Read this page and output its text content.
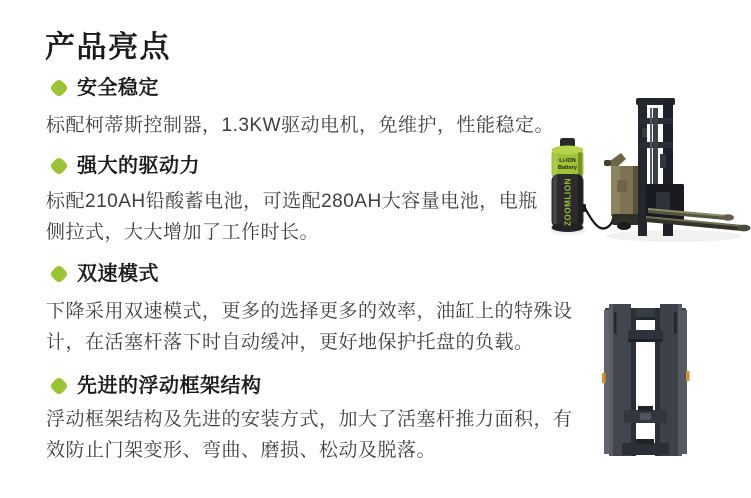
产品亮点
安全稳定
标配柯蒂斯控制器，1.3KW驱动电机，免维护，性能稳定。
强大的驱动力
标配210AH铅酸蓄电池，可选配280AH大容量电池，电瓶
侧拉式，大大增加了工作时长。
双速模式
下降采用双速模式，更多的选择更多的效率，油缸上的特殊设
计，在活塞杆落下时自动缓冲，更好地保护托盘的负载。
先进的浮动框架结构
浮动框架结构及先进的安装方式，加大了活塞杆推力面积，有
效防止门架变形、弯曲、磨损、松动及脱落。
Li-ION
Battery
ZOOMLION
